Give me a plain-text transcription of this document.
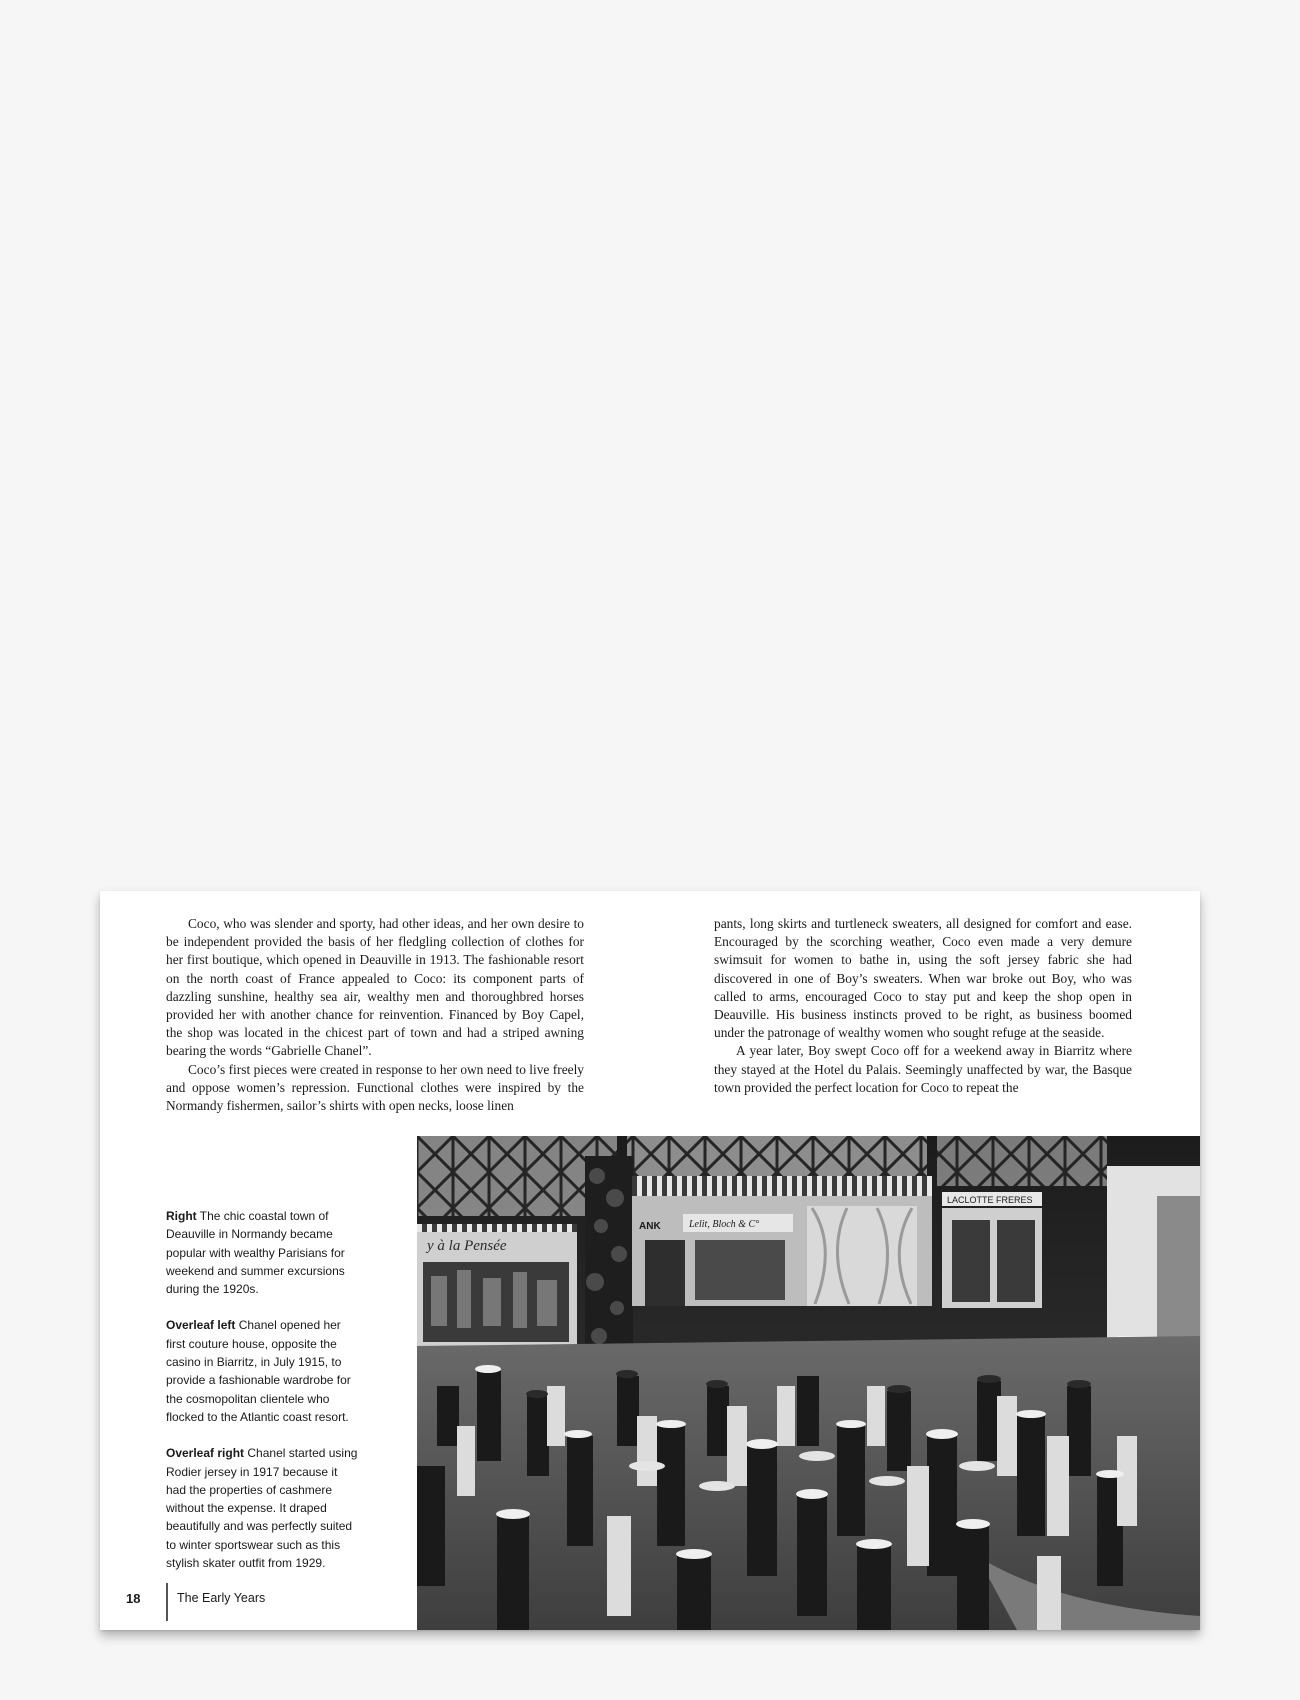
Coco, who was slender and sporty, had other ideas, and her own desire to be independent provided the basis of her fledgling collection of clothes for her first boutique, which opened in Deauville in 1913. The fashionable resort on the north coast of France appealed to Coco: its component parts of dazzling sunshine, healthy sea air, wealthy men and thoroughbred horses provided her with another chance for reinvention. Financed by Boy Capel, the shop was located in the chicest part of town and had a striped awning bearing the words “Gabrielle Chanel”.

Coco’s first pieces were created in response to her own need to live freely and oppose women’s repression. Functional clothes were inspired by the Normandy fishermen, sailor’s shirts with open necks, loose linen

pants, long skirts and turtleneck sweaters, all designed for comfort and ease. Encouraged by the scorching weather, Coco even made a very demure swimsuit for women to bathe in, using the soft jersey fabric she had discovered in one of Boy’s sweaters. When war broke out Boy, who was called to arms, encouraged Coco to stay put and keep the shop open in Deauville. His business instincts proved to be right, as business boomed under the patronage of wealthy women who sought refuge at the seaside.

A year later, Boy swept Coco off for a weekend away in Biarritz where they stayed at the Hotel du Palais. Seemingly unaffected by war, the Basque town provided the perfect location for Coco to repeat the

Right The chic coastal town of Deauville in Normandy became popular with wealthy Parisians for weekend and summer excursions during the 1920s.

Overleaf left Chanel opened her first couture house, opposite the casino in Biarritz, in July 1915, to provide a fashionable wardrobe for the cosmopolitan clientele who flocked to the Atlantic coast resort.

Overleaf right Chanel started using Rodier jersey in 1917 because it had the properties of cashmere without the expense. It draped beautifully and was perfectly suited to winter sportswear such as this stylish skater outfit from 1929.

18	The Early Years
y à la Pensée
ANK	Lelit, Bloch & C°
LACLOTTE FRERES
